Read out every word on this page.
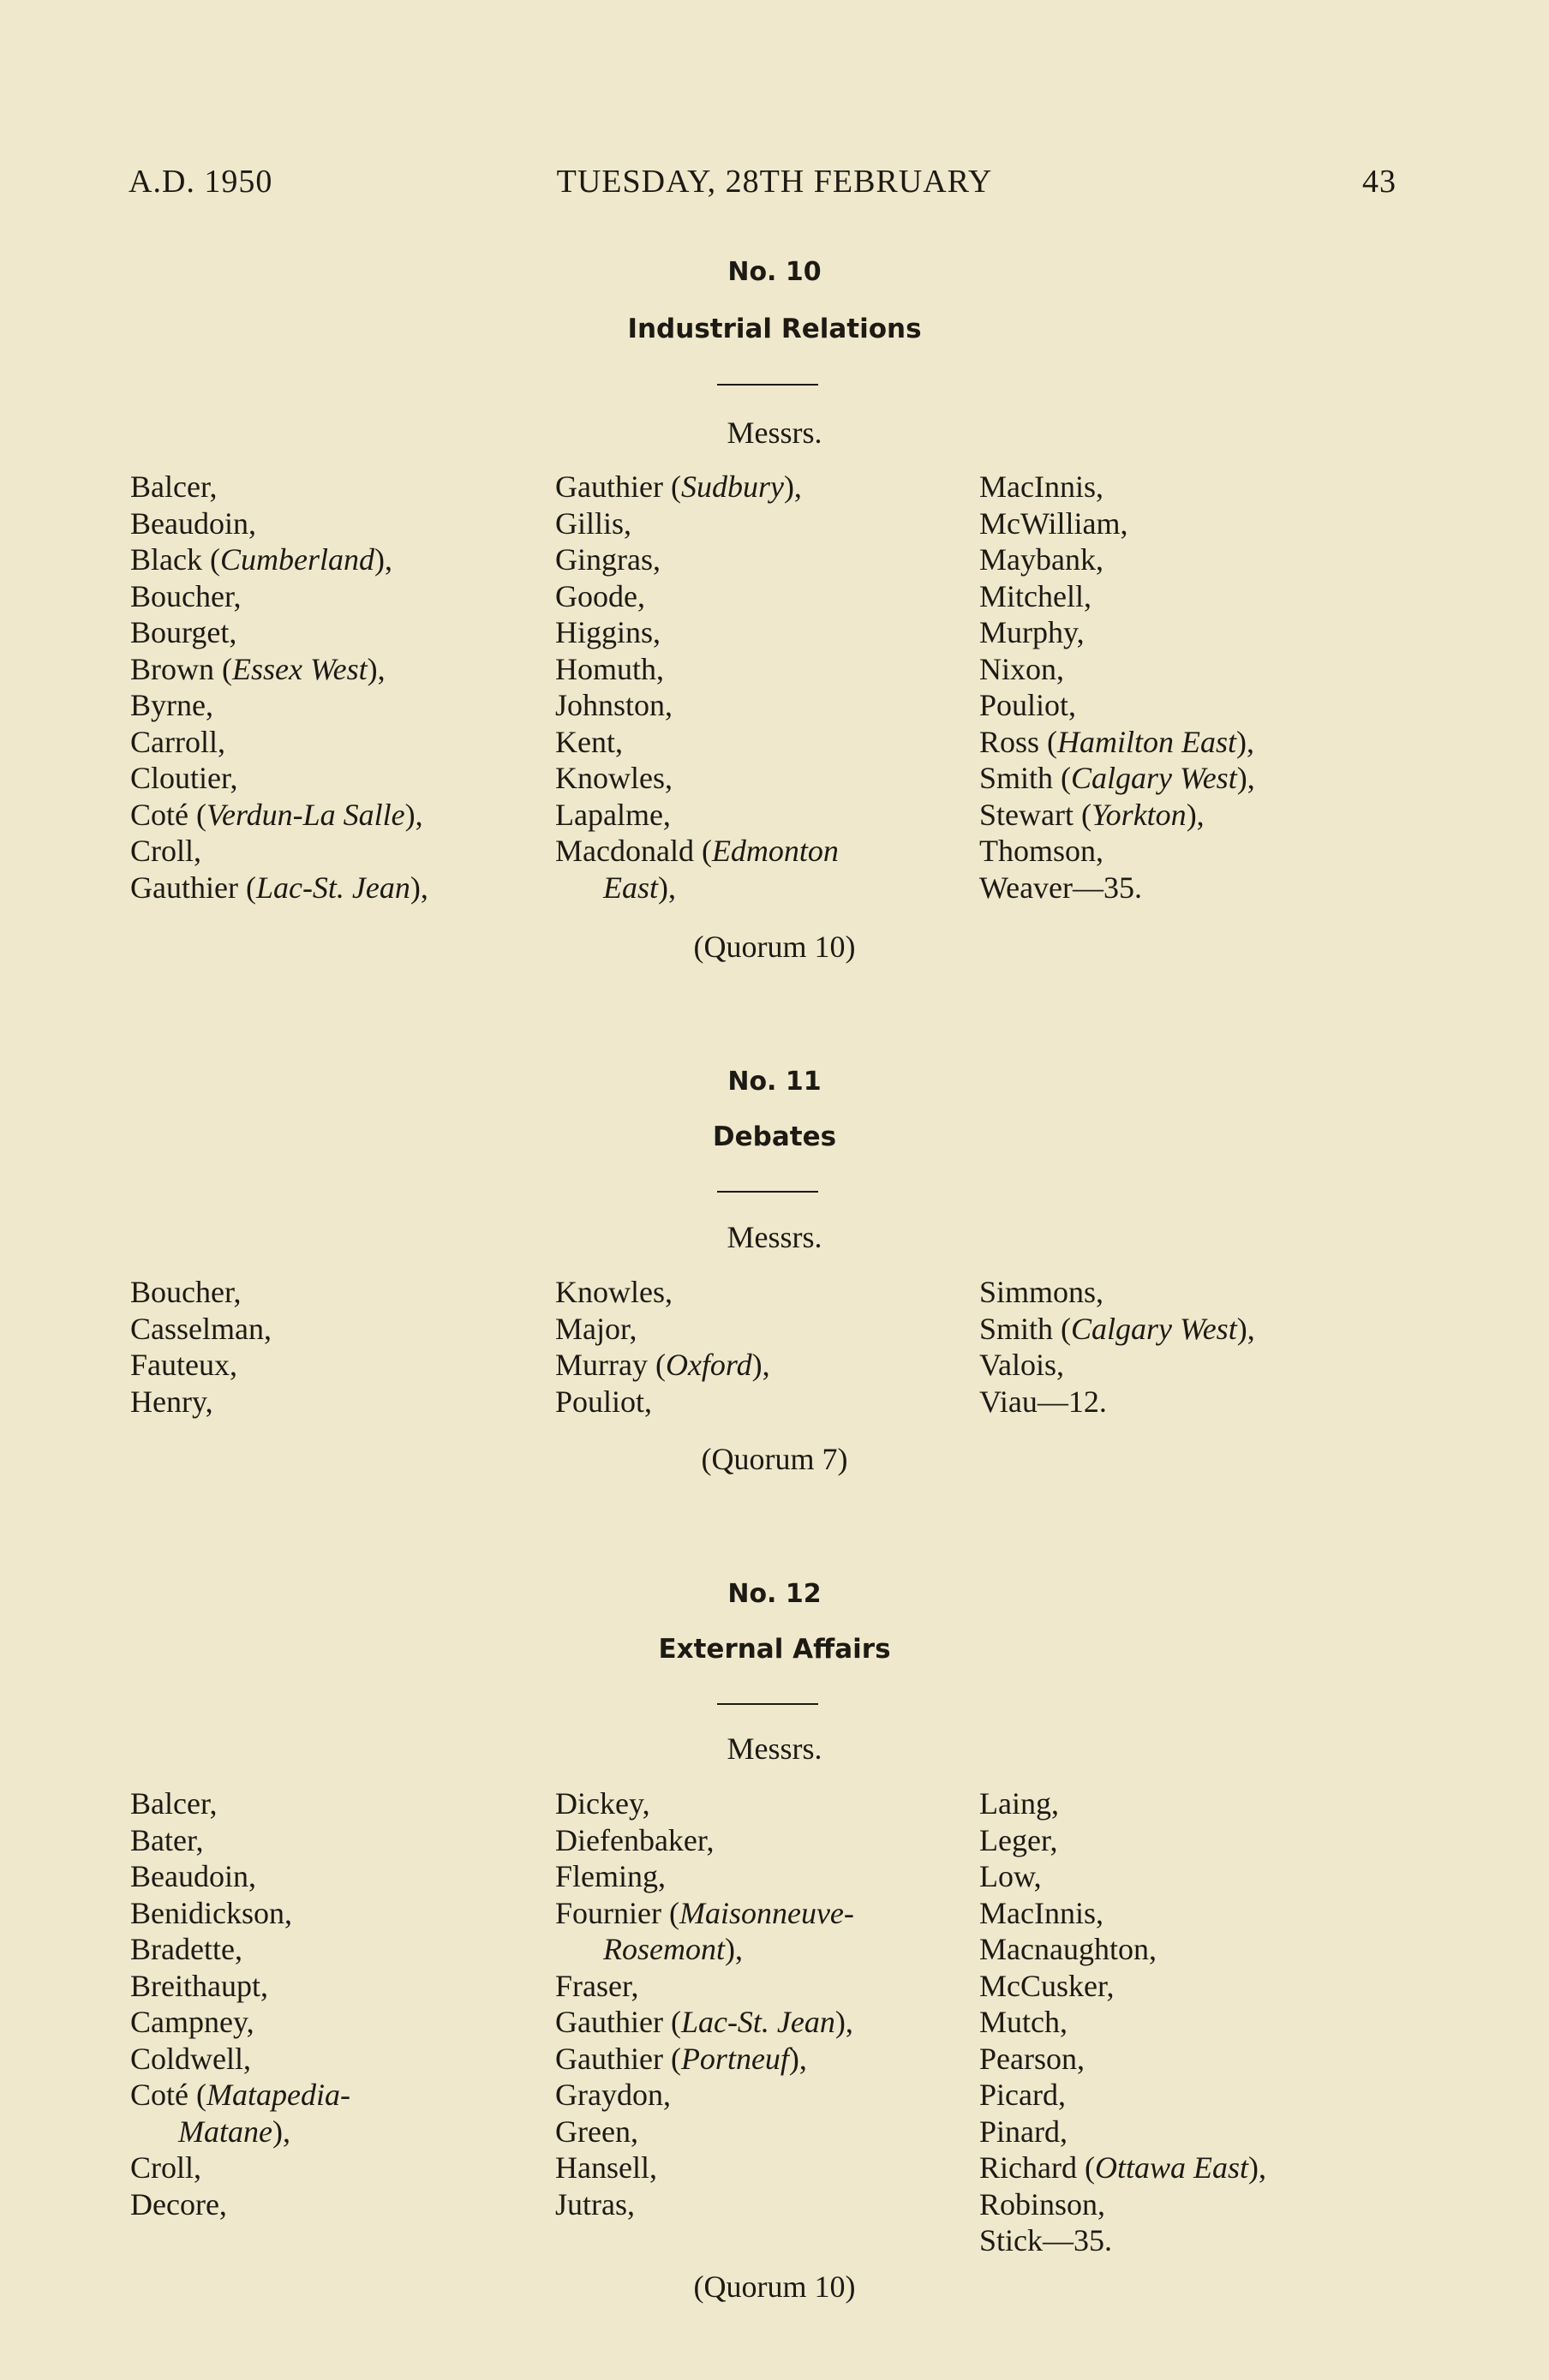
A.D. 1950	TUESDAY, 28TH FEBRUARY	43
No. 10
Industrial Relations
Messrs.
Balcer,
Beaudoin,
Black (Cumberland),
Boucher,
Bourget,
Brown (Essex West),
Byrne,
Carroll,
Cloutier,
Coté (Verdun-La Salle),
Croll,
Gauthier (Lac-St. Jean),
Gauthier (Sudbury),
Gillis,
Gingras,
Goode,
Higgins,
Homuth,
Johnston,
Kent,
Knowles,
Lapalme,
Macdonald (Edmonton
East),
MacInnis,
McWilliam,
Maybank,
Mitchell,
Murphy,
Nixon,
Pouliot,
Ross (Hamilton East),
Smith (Calgary West),
Stewart (Yorkton),
Thomson,
Weaver—35.
(Quorum 10)
No. 11
Debates
Messrs.
Boucher,
Casselman,
Fauteux,
Henry,
Knowles,
Major,
Murray (Oxford),
Pouliot,
Simmons,
Smith (Calgary West),
Valois,
Viau—12.
(Quorum 7)
No. 12
External Affairs
Messrs.
Balcer,
Bater,
Beaudoin,
Benidickson,
Bradette,
Breithaupt,
Campney,
Coldwell,
Coté (Matapedia-
Matane),
Croll,
Decore,
Dickey,
Diefenbaker,
Fleming,
Fournier (Maisonneuve-
Rosemont),
Fraser,
Gauthier (Lac-St. Jean),
Gauthier (Portneuf),
Graydon,
Green,
Hansell,
Jutras,
Laing,
Leger,
Low,
MacInnis,
Macnaughton,
McCusker,
Mutch,
Pearson,
Picard,
Pinard,
Richard (Ottawa East),
Robinson,
Stick—35.
(Quorum 10)
